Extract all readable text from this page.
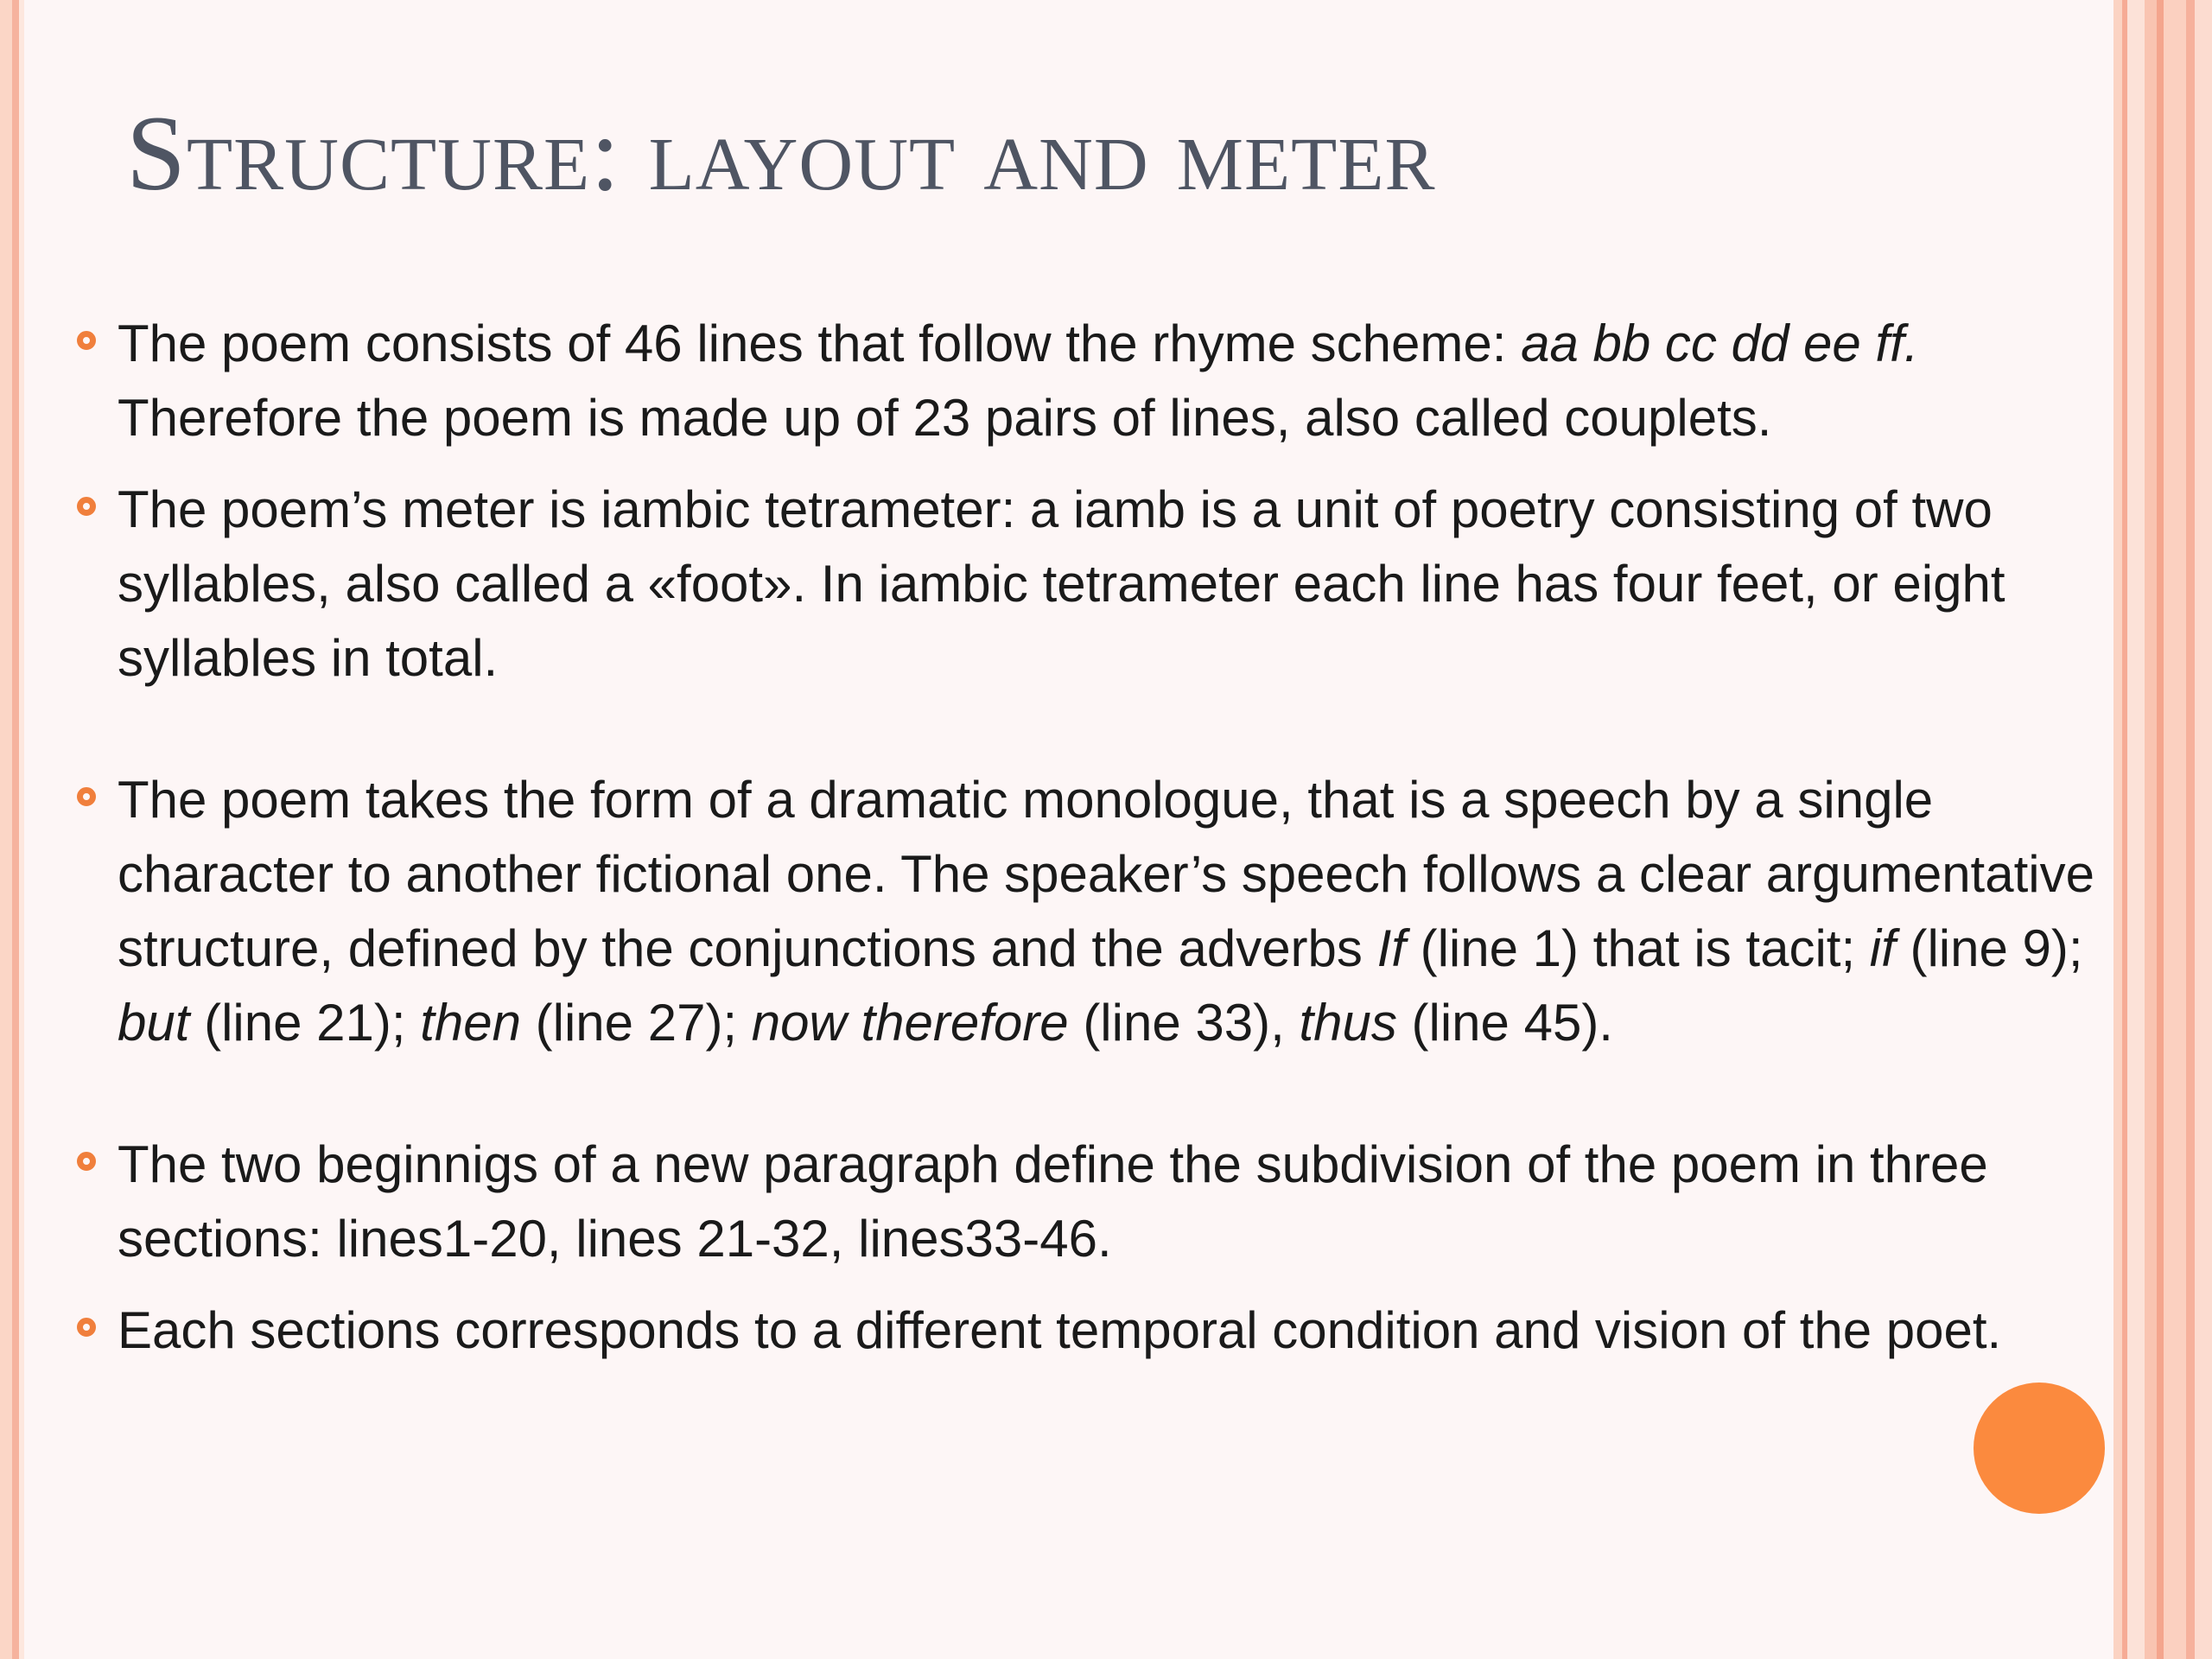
Structure: layout and meter
The poem consists of 46 lines that follow the rhyme scheme: aa bb cc dd ee ff. Therefore the poem is made up of 23 pairs of lines, also called couplets.
The poem’s meter is iambic tetrameter: a iamb is a unit of poetry consisting of two syllables, also called a «foot». In iambic tetrameter each line has four feet, or eight syllables in total.
The poem takes the form of a dramatic monologue, that is a speech by a single character to another fictional one. The speaker’s speech follows a clear argumentative structure, defined by the conjunctions and the adverbs If (line 1) that is tacit; if (line 9); but (line 21); then (line 27); now therefore (line 33), thus (line 45).
The two beginnigs of a new paragraph define the subdivision of the poem in three sections: lines1-20, lines 21-32, lines33-46.
Each sections corresponds to a different temporal condition and vision of the poet.
